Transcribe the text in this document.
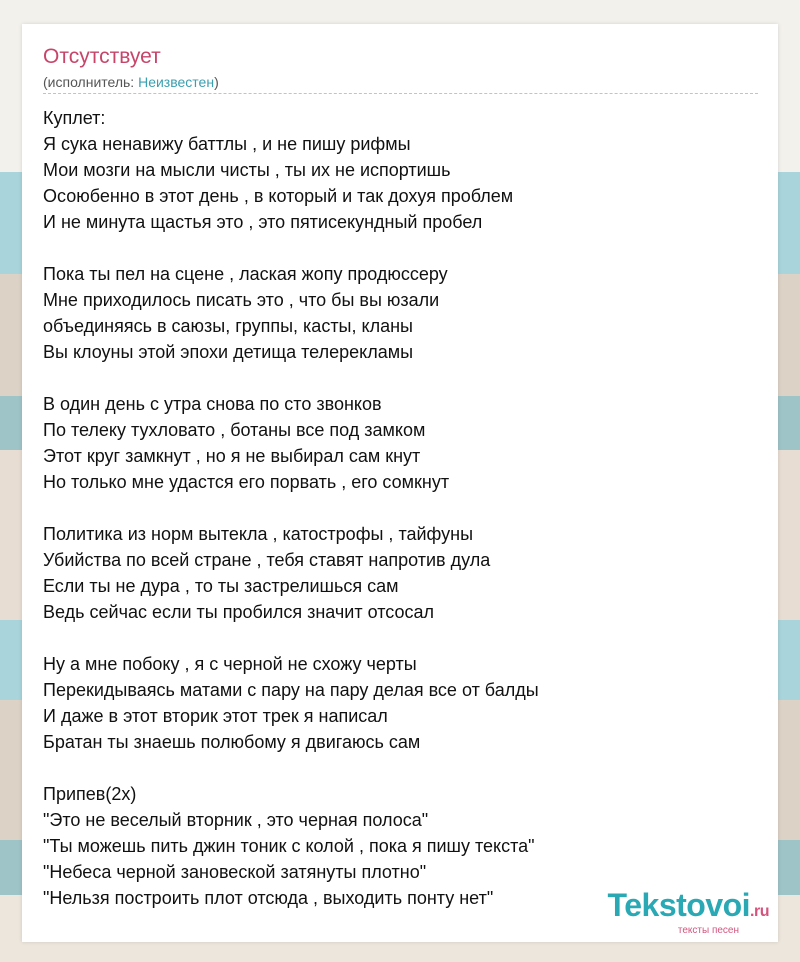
Отсутствует
(исполнитель: Неизвестен)
Куплет:
Я сука ненавижу баттлы , и не пишу рифмы
Мои мозги на мысли чисты , ты их не испортишь
Осоюбенно в этот день , в который и так дохуя проблем
И не минута щастья это , это пятисекундный пробел
Пока ты пел на сцене , лаская жопу продюссеру
Мне приходилось писать это , что бы вы юзали
объединяясь в саюзы, группы, касты, кланы
Вы клоуны этой эпохи детища телерекламы
В один день с утра снова по сто звонков
По телеку тухловато , ботаны все под замком
Этот круг замкнут , но я не выбирал сам кнут
Но только мне удастся его порвать , его сомкнут
Политика из норм вытекла , катострофы , тайфуны
Убийства по всей стране , тебя ставят напротив дула
Если ты не дура , то ты застрелишься сам
Ведь сейчас если ты пробился значит отсосал
Ну а мне побоку , я с черной не схожу черты
Перекидываясь матами с пару на пару делая все от балды
И даже в этот вторик этот трек я написал
Братан ты знаешь полюбому я двигаюсь сам
Припев(2х)
"Это не веселый вторник , это черная полоса"
"Ты можешь пить джин тоник с колой , пока я пишу текста"
"Небеса черной зановеской затянуты плотно"
"Нельзя построить плот отсюда , выходить понту нет"	Tekstovoi.ru
тексты песен
